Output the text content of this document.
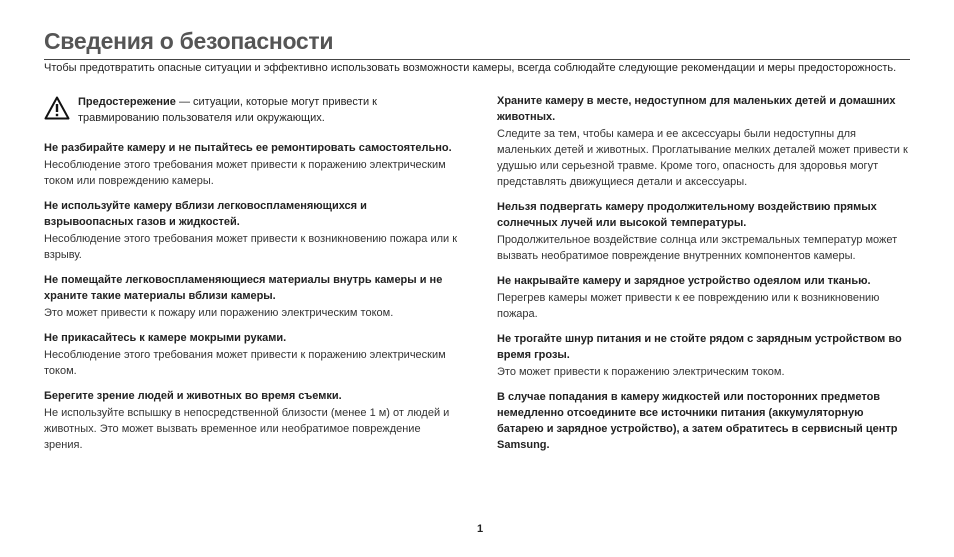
Сведения о безопасности
Чтобы предотвратить опасные ситуации и эффективно использовать возможности камеры, всегда соблюдайте следующие рекомендации и меры предосторожность.
Предостережение — ситуации, которые могут привести к травмированию пользователя или окружающих.
Не разбирайте камеру и не пытайтесь ее ремонтировать самостоятельно.

Несоблюдение этого требования может привести к поражению электрическим током или повреждению камеры.

Не используйте камеру вблизи легковоспламеняющихся и взрывоопасных газов и жидкостей.

Несоблюдение этого требования может привести к возникновению пожара или к взрыву.

Не помещайте легковоспламеняющиеся материалы внутрь камеры и не храните такие материалы вблизи камеры.

Это может привести к пожару или поражению электрическим током.

Не прикасайтесь к камере мокрыми руками.

Несоблюдение этого требования может привести к поражению электрическим током.

Берегите зрение людей и животных во время съемки.

Не используйте вспышку в непосредственной близости (менее 1 м) от людей и животных. Это может вызвать временное или необратимое повреждение зрения.

Храните камеру в месте, недоступном для маленьких детей и домашних животных.

Следите за тем, чтобы камера и ее аксессуары были недоступны для маленьких детей и животных. Проглатывание мелких деталей может привести к удушью или серьезной травме. Кроме того, опасность для здоровья могут представлять движущиеся детали и аксессуары.

Нельзя подвергать камеру продолжительному воздействию прямых солнечных лучей или высокой температуры.

Продолжительное воздействие солнца или экстремальных температур может вызвать необратимое повреждение внутренних компонентов камеры.

Не накрывайте камеру и зарядное устройство одеялом или тканью.

Перегрев камеры может привести к ее повреждению или к возникновению пожара.

Не трогайте шнур питания и не стойте рядом с зарядным устройством во время грозы.

Это может привести к поражению электрическим током.

В случае попадания в камеру жидкостей или посторонних предметов немедленно отсоедините все источники питания (аккумуляторную батарею и зарядное устройство), а затем обратитесь в сервисный центр Samsung.
1
